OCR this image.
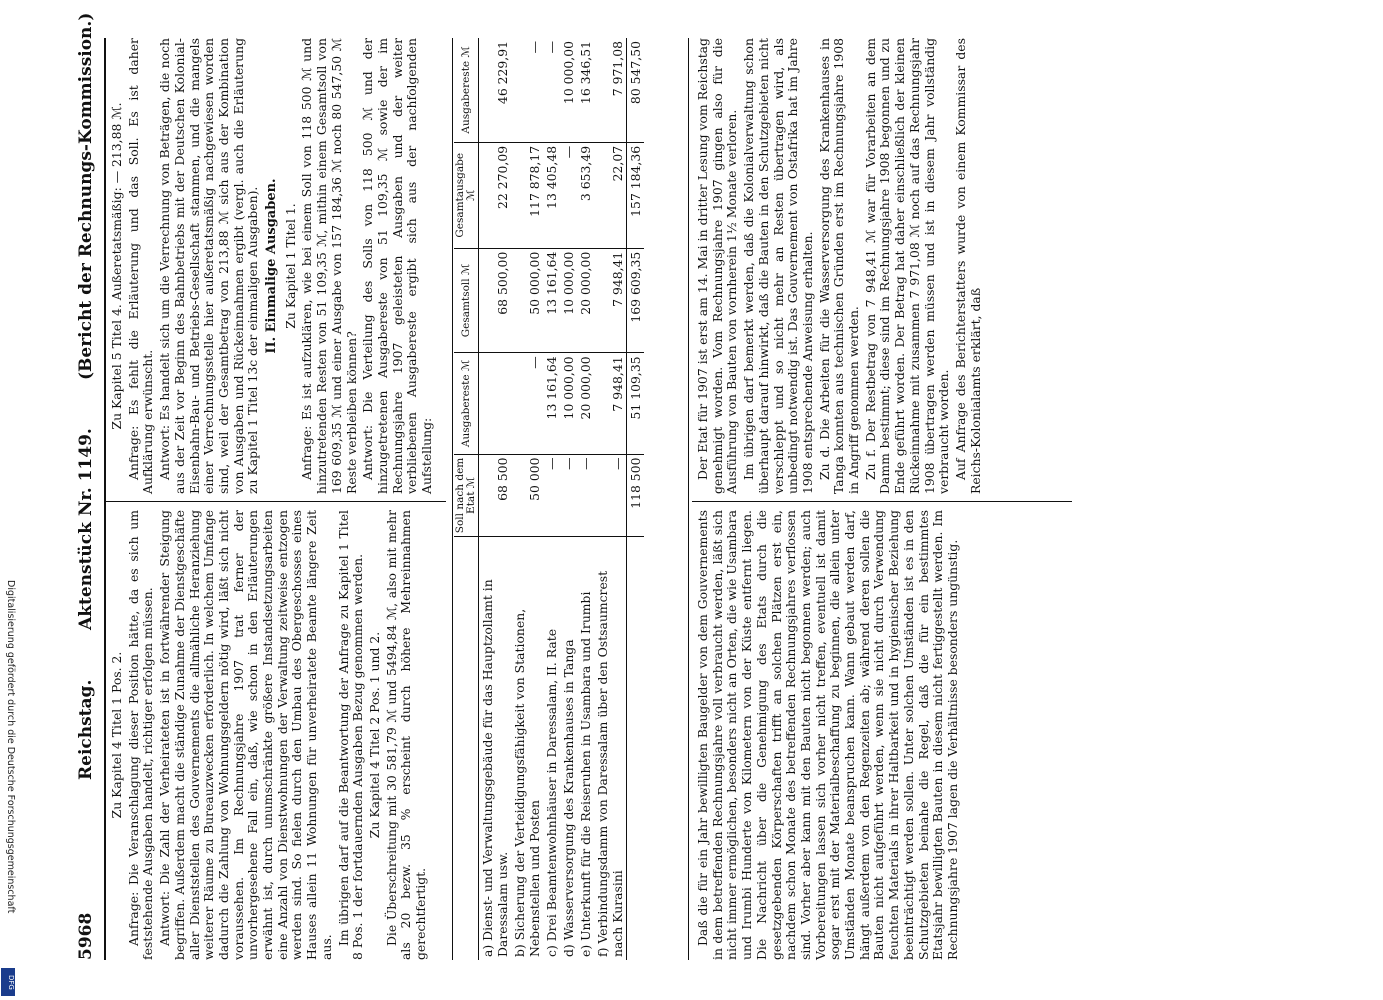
5968
Reichstag.
Aktenstück Nr. 1149.
(Bericht der Rechnungs-Kommission.)

Zu Kapitel 4 Titel 1 Pos. 2. Anfrage: Die Veranschlagung dieser Position hätte, da es sich um feststehende Ausgaben handelt, richtiger erfolgen müssen. Antwort: Die Zahl der Verheirateten ist in fortwährender Steigung begriffen. Außerdem macht die ständige Zunahme der Dienstgeschäfte aller Dienststellen des Gouvernements die allmähliche Heranziehung weiterer Räume zu Bureauzwecken erforderlich. In welchem Umfange dadurch die Zahlung von Wohnungsgeldern nötig wird, läßt sich nicht voraussehen. Im Rechnungsjahre 1907 trat ferner der unvorhergesehene Fall ein, daß, wie schon in den Erläuterungen erwähnt ist, durch unumschränkte größere Instandsetzungsarbeiten eine Anzahl von Dienstwohnungen der Verwaltung zeitweise entzogen werden sind. So fielen durch den Umbau des Obergeschosses eines Hauses allein 11 Wohnungen für unverheiratete Beamte längere Zeit aus.

Im übrigen darf auf die Beantwortung der Anfrage zu Kapitel 1 Titel 8 Pos. 1 der fortdauernden Ausgaben Bezug genommen werden. Zu Kapitel 4 Titel 2 Pos. 1 und 2. Die Überschreitung mit 30 581,79 ℳ und 5494,84 ℳ, also mit mehr als 20 bezw. 35 % erscheint durch höhere Mehreinnahmen gerechtfertigt.

Zu Kapitel 5 Titel 4. Außeretatsmäßig: — 213,88 ℳ. Anfrage: Es fehlt die Erläuterung und das Soll. Es ist daher Aufklärung erwünscht. Antwort: Es handelt sich um die Verrechnung von Beträgen, die noch aus der Zeit vor Beginn des Bahnbetriebs mit der Deutschen Kolonial-Eisenbahn-Bau- und Betriebs-Gesellschaft stammen, und die mangels einer Verrechnungsstelle hier außeretatsmäßig nachgewiesen worden sind, weil der Gesamtbetrag von 213,88 ℳ sich aus der Kombination von Ausgaben und Rückeinnahmen ergibt (vergl. auch die Erläuterung zu Kapitel 1 Titel 13c der einmaligen Ausgaben). II. Einmalige Ausgaben. Zu Kapitel 1 Titel 1. Anfrage: Es ist aufzuklären, wie bei einem Soll von 118 500 ℳ und hinzutretenden Resten von 51 109,35 ℳ, mithin einem Gesamtsoll von 169 609,35 ℳ und einer Ausgabe von 157 184,36 ℳ noch 80 547,50 ℳ Reste verbleiben können? Antwort: Die Verteilung des Solls von 118 500 ℳ und der hinzugetretenen Ausgabereste von 51 109,35 ℳ sowie der im Rechnungsjahre 1907 geleisteten Ausgaben und der weiter verbliebenen Ausgabereste ergibt sich aus der nachfolgenden Aufstellung:

	Soll nach dem Etat ℳ	Ausgabereste ℳ	Gesamtsoll ℳ	Gesamtausgabe ℳ	Ausgabereste ℳ
a) Dienst- und Verwaltungsgebäude für das Hauptzollamt in Daressalam usw.	68 500		68 500,00	22 270,09	46 229,91
b) Sicherung der Verteidigungsfähigkeit von Stationen, Nebenstellen und Posten	50 000	—	50 000,00	117 878,17	—
c) Drei Beamtenwohnhäuser in Daressalam, II. Rate	—	13 161,64	13 161,64	13 405,48	—
d) Wasserversorgung des Krankenhauses in Tanga	—	10 000,00	10 000,00	—	10 000,00
e) Unterkunft für die Reiseruhen in Usambara und Irumbi	—	20 000,00	20 000,00	3 653,49	16 346,51
f) Verbindungsdamm von Daressalam über den Ostsaumcrest nach Kurasini	—	7 948,41	7 948,41	22,07	7 971,08
	118 500	51 109,35	169 609,35	157 184,36	80 547,50

Daß die für ein Jahr bewilligten Baugelder von dem Gouvernements in dem betreffenden Rechnungsjahre voll verbraucht werden, läßt sich nicht immer ermöglichen, besonders nicht an Orten, die wie Usambara und Irumbi Hunderte von Kilometern von der Küste entfernt liegen. Die Nachricht über die Genehmigung des Etats durch die gesetzgebenden Körperschaften trifft an solchen Plätzen erst ein, nachdem schon Monate des betreffenden Rechnungsjahres verflossen sind. Vorher aber kann mit den Bauten nicht begonnen werden; auch Vorbereitungen lassen sich vorher nicht treffen, eventuell ist damit sogar erst mit der Materialbeschaffung zu beginnen, die allein unter Umständen Monate beanspruchen kann. Wann gebaut werden darf, hängt außerdem von den Regenzeiten ab; während deren sollen die Bauten nicht aufgeführt werden, wenn sie nicht durch Verwendung feuchten Materials in ihrer Haltbarkeit und in hygienischer Beziehung beeinträchtigt werden sollen. Unter solchen Umständen ist es in den Schutzgebieten beinahe die Regel, daß die für ein bestimmtes Etatsjahr bewilligten Bauten in diesem nicht fertiggestellt werden. Im Rechnungsjahre 1907 lagen die Verhältnisse besonders ungünstig.

Der Etat für 1907 ist erst am 14. Mai in dritter Lesung vom Reichstag genehmigt worden. Vom Rechnungsjahre 1907 gingen also für die Ausführung von Bauten von vornherein 1½ Monate verloren. Im übrigen darf bemerkt werden, daß die Kolonialverwaltung schon überhaupt darauf hinwirkt, daß die Bauten in den Schutzgebieten nicht verschleppt und so nicht mehr an Resten übertragen wird, als unbedingt notwendig ist. Das Gouvernement von Ostafrika hat im Jahre 1908 entsprechende Anweisung erhalten. Zu d. Die Arbeiten für die Wasserversorgung des Krankenhauses in Tanga konnten aus technischen Gründen erst im Rechnungsjahre 1908 in Angriff genommen werden. Zu f. Der Restbetrag von 7 948,41 ℳ war für Vorarbeiten an dem Damm bestimmt; diese sind im Rechnungsjahre 1908 begonnen und zu Ende geführt worden. Der Betrag hat daher einschließlich der kleinen Rückeinnahme mit zusammen 7 971,08 ℳ noch auf das Rechnungsjahr 1908 übertragen werden müssen und ist in diesem Jahr vollständig verbraucht worden. Auf Anfrage des Berichterstatters wurde von einem Kommissar des Reichs-Kolonialamts erklärt, daß

Digitalisierung gefördert durch die Deutsche Forschungsgemeinschaft
DFG
